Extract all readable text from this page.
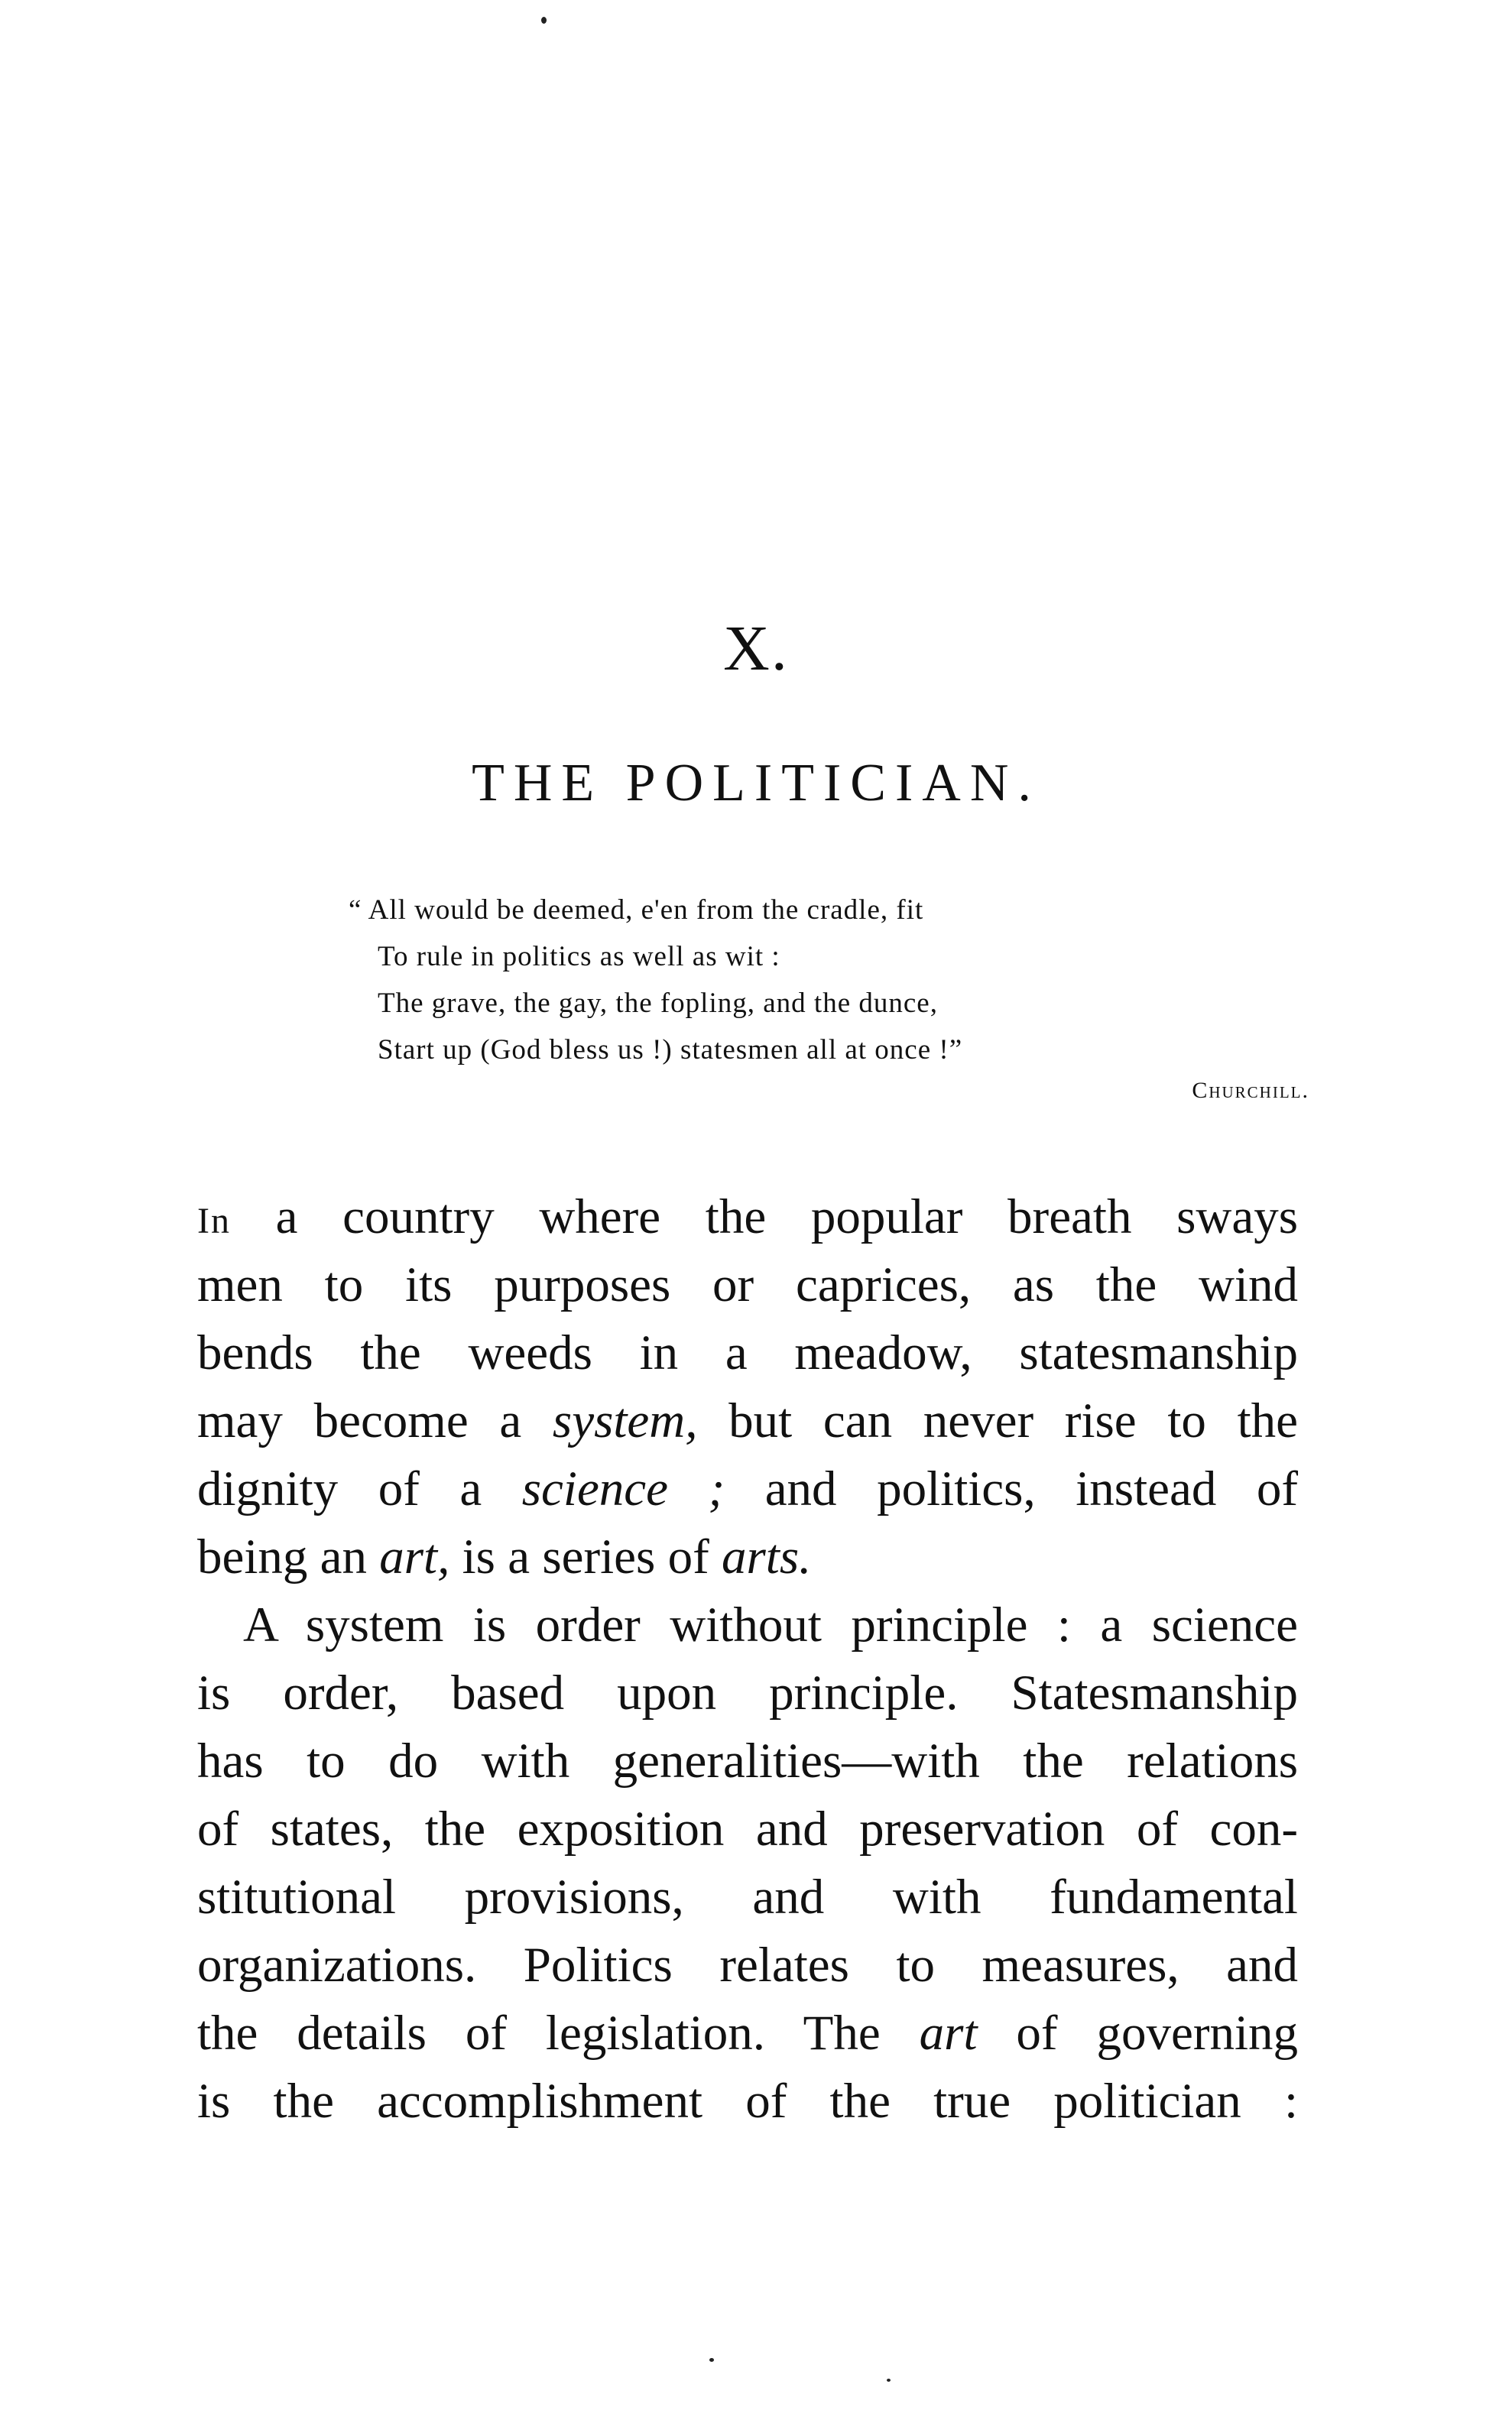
X.
THE POLITICIAN.
“ All would be deemed, e'en from the cradle, fit
To rule in politics as well as wit :
The grave, the gay, the fopling, and the dunce,
Start up (God bless us !) statesmen all at once !”
Churchill.
In a country where the popular breath sways
men to its purposes or caprices, as the wind
bends the weeds in a meadow, statesmanship
may become a system, but can never rise to the
dignity of a science ; and politics, instead of
being an art, is a series of arts.
A system is order without principle : a science
is order, based upon principle. Statesmanship
has to do with generalities—with the relations
of states, the exposition and preservation of con-
stitutional provisions, and with fundamental
organizations. Politics relates to measures, and
the details of legislation. The art of governing
is the accomplishment of the true politician :
